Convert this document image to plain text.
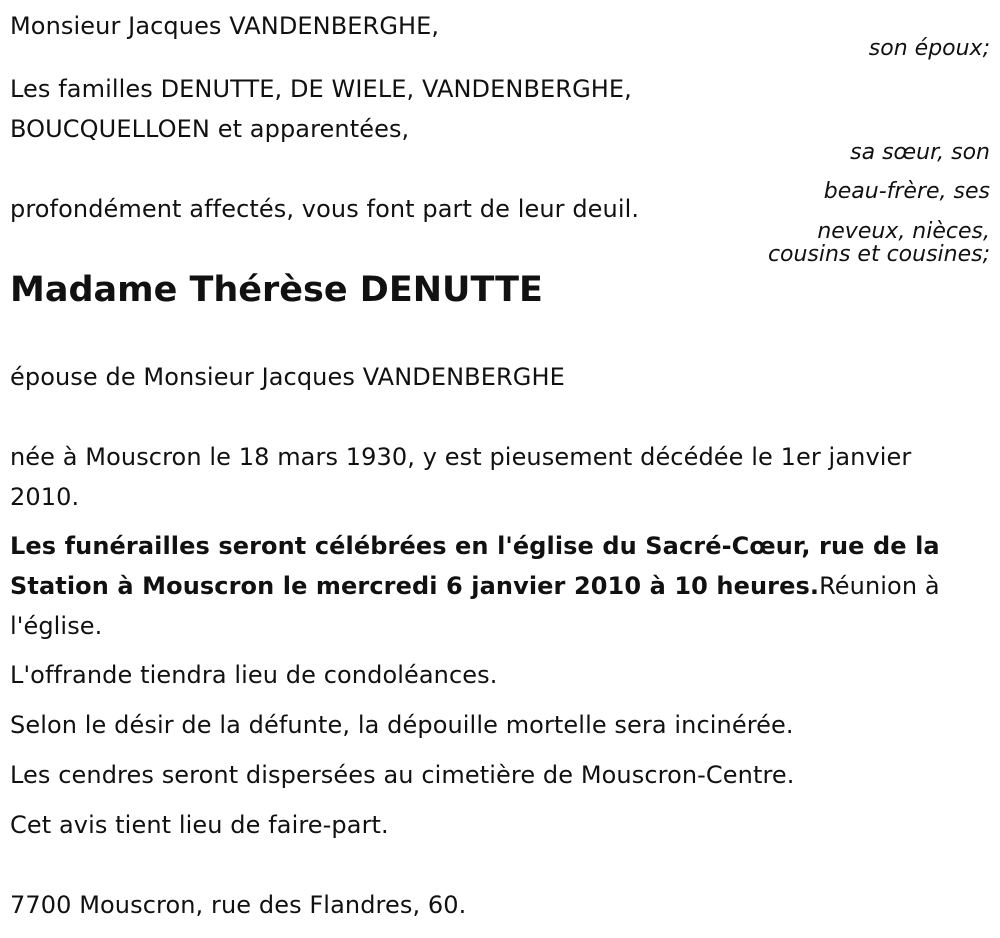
Monsieur Jacques VANDENBERGHE,

son époux;

Les familles DENUTTE, DE WIELE, VANDENBERGHE,

BOUCQUELLOEN et apparentées,

sa sœur, son

beau-frère, ses

neveux, nièces,

cousins et cousines;

profondément affectés, vous font part de leur deuil.

Madame Thérèse DENUTTE

épouse de Monsieur Jacques VANDENBERGHE

née à Mouscron le 18 mars 1930, y est pieusement décédée le 1er janvier

2010.

Les funérailles seront célébrées en l'église du Sacré-Cœur, rue de la

Station à Mouscron le mercredi 6 janvier 2010 à 10 heures.Réunion à

l'église.

L'offrande tiendra lieu de condoléances.

Selon le désir de la défunte, la dépouille mortelle sera incinérée.

Les cendres seront dispersées au cimetière de Mouscron-Centre.

Cet avis tient lieu de faire-part.

7700 Mouscron, rue des Flandres, 60.
